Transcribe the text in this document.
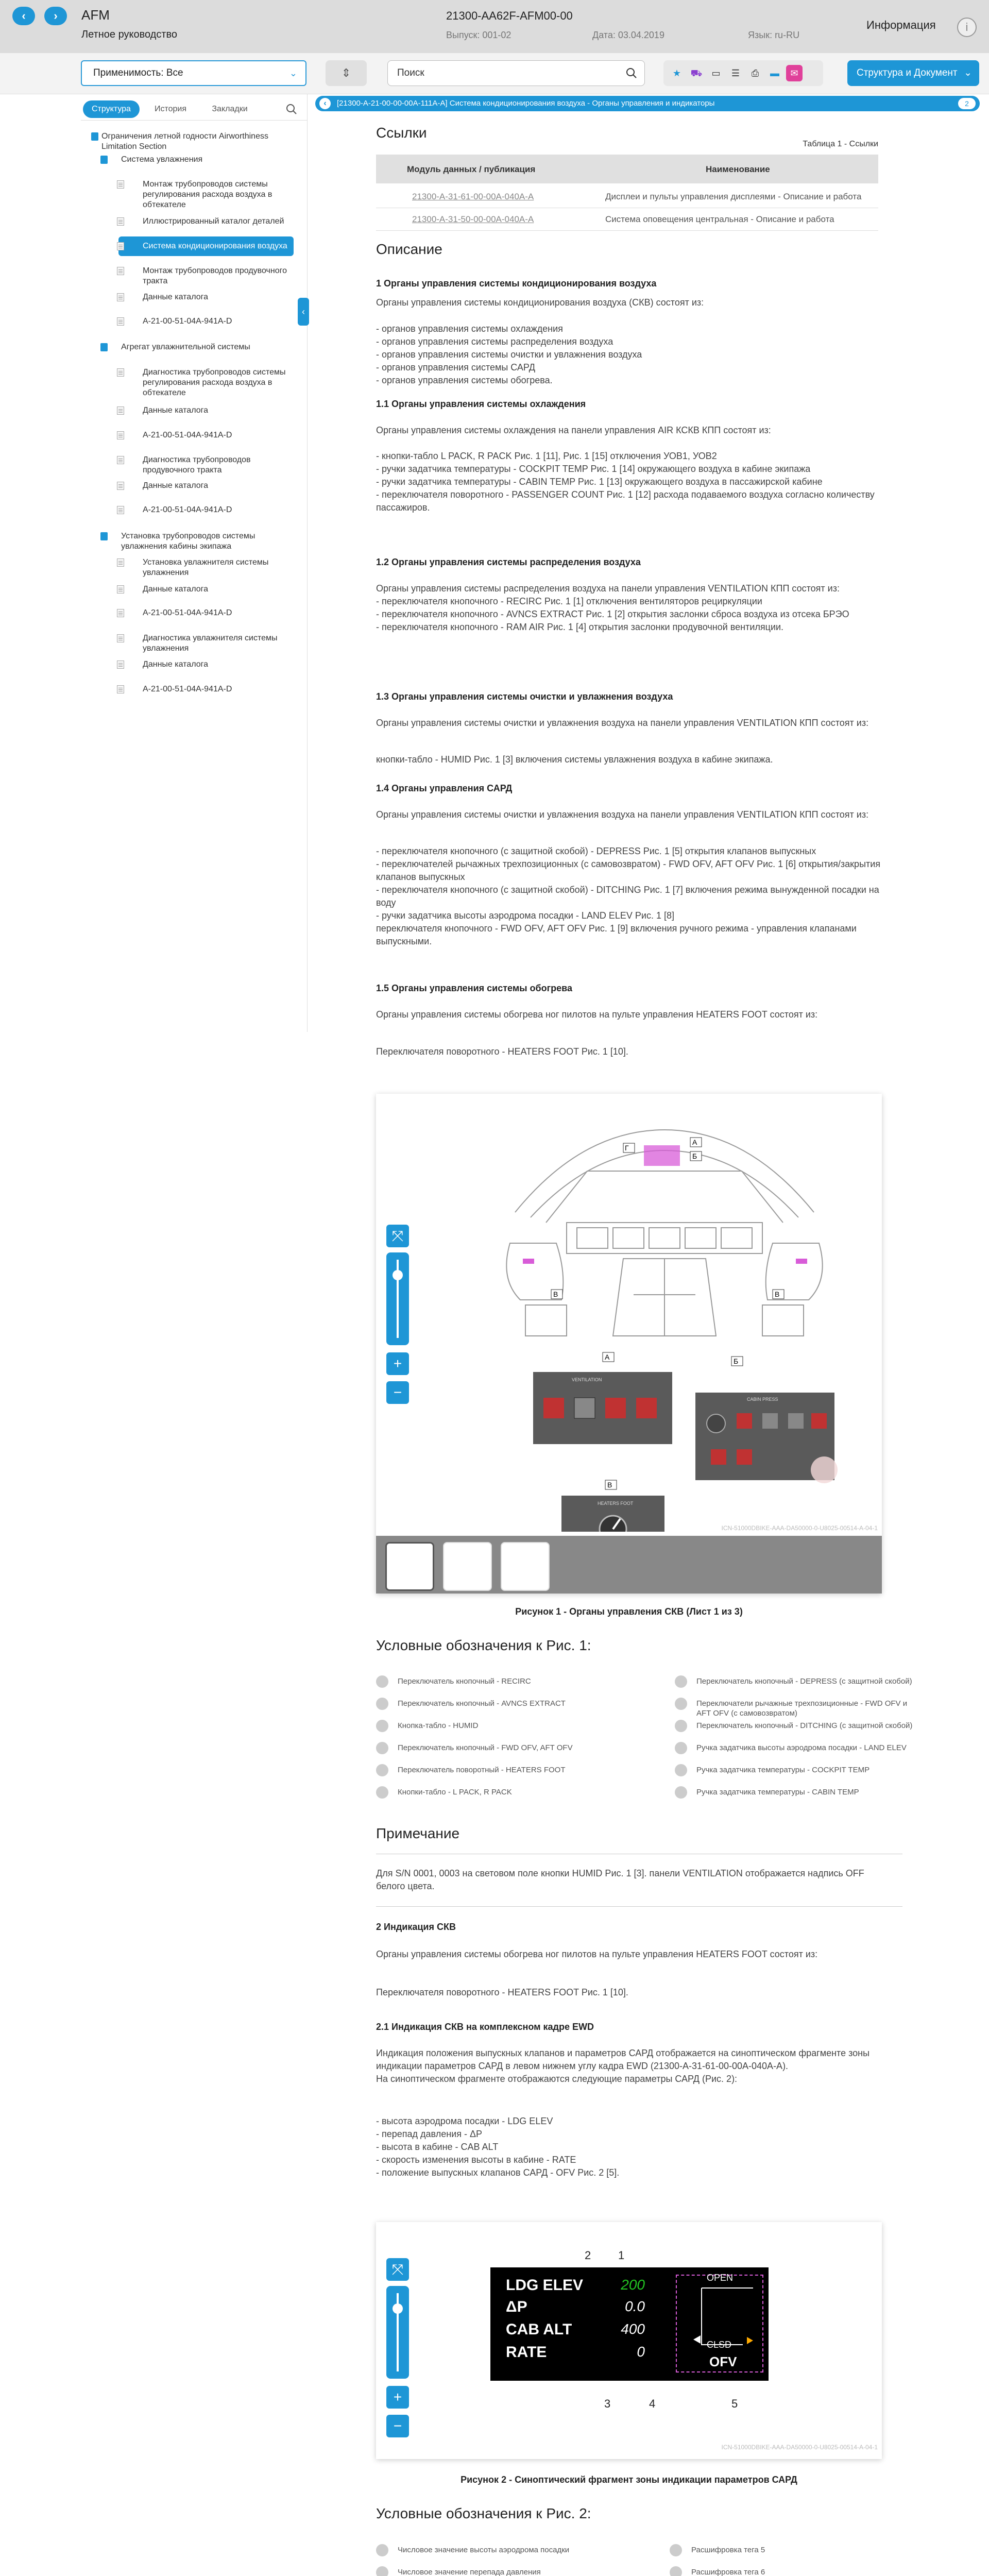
‹	›	AFM
Летное руководство
21300-AA62F-AFM00-00
Выпуск: 001-02	Дата: 03.04.2019	Язык: ru-RU
Информация	i
Применимость: Все	⌄	⇕	Поиск	★	⛟	▭	☰	⎙	▬	✉	Структура и Документ ⌄
Структура	История	Закладки
Ограничения летной годности Airworthiness Limitation Section
Система увлажнения
Монтаж трубопроводов системы регулирования расхода воздуха в обтекателе
Иллюстрированный каталог деталей
Система кондиционирования воздуха
Монтаж трубопроводов продувочного тракта
Данные каталога
A-21-00-51-04A-941A-D
Агрегат увлажнительной системы
Диагностика трубопроводов системы регулирования расхода воздуха в обтекателе
Данные каталога
A-21-00-51-04A-941A-D
Диагностика трубопроводов продувочного тракта
Данные каталога
A-21-00-51-04A-941A-D
Установка трубопроводов системы увлажнения кабины экипажа
Установка увлажнителя системы увлажнения
Данные каталога
A-21-00-51-04A-941A-D
Диагностика увлажнителя системы увлажнения
Данные каталога
A-21-00-51-04A-941A-D
‹
‹	[21300-A-21-00-00-00A-111A-A] Система кондиционирования воздуха - Органы управления и индикаторы	2
Ссылки
Таблица 1 - Ссылки
Модуль данных / публикация	Наименование
21300-A-31-61-00-00A-040A-A	Дисплеи и пульты управления дисплеями - Описание и работа
21300-A-31-50-00-00A-040A-A	Система оповещения центральная - Описание и работа
Описание
1 Органы управления системы кондиционирования воздуха
Органы управления системы кондиционирования воздуха (СКВ) состоят из:
- органов управления системы охлаждения
- органов управления системы распределения воздуха
- органов управления системы очистки и увлажнения воздуха
- органов управления системы САРД
- органов управления системы обогрева.
1.1 Органы управления системы охлаждения
Органы управления системы охлаждения на панели управления AIR КСКВ КПП состоят из:
- кнопки-табло L PACK, R PACK Рис. 1 [11], Рис. 1 [15] отключения УОВ1, УОВ2
- ручки задатчика температуры - COCKPIT TEMP Рис. 1 [14] окружающего воздуха в кабине экипажа
- ручки задатчика температуры - CABIN TEMP Рис. 1 [13] окружающего воздуха в пассажирской кабине
- переключателя поворотного - PASSENGER COUNT Рис. 1 [12] расхода подаваемого воздуха согласно количеству пассажиров.
1.2 Органы управления системы распределения воздуха
Органы управления системы распределения воздуха на панели управления VENTILATION КПП состоят из:
- переключателя кнопочного - RECIRC Рис. 1 [1] отключения вентиляторов рециркуляции
- переключателя кнопочного - AVNCS EXTRACT Рис. 1 [2] открытия заслонки сброса воздуха из отсека БРЭО
- переключателя кнопочного - RAM AIR Рис. 1 [4] открытия заслонки продувочной вентиляции.
1.3 Органы управления системы очистки и увлажнения воздуха
Органы управления системы очистки и увлажнения воздуха на панели управления VENTILATION КПП состоят из:
кнопки-табло - HUMID Рис. 1 [3] включения системы увлажнения воздуха в кабине экипажа.
1.4 Органы управления САРД
Органы управления системы очистки и увлажнения воздуха на панели управления VENTILATION КПП состоят из:
- переключателя кнопочного (с защитной скобой) - DEPRESS Рис. 1 [5] открытия клапанов выпускных
- переключателей рычажных трехпозиционных (с самовозвратом) - FWD OFV, AFT OFV Рис. 1 [6] открытия/закрытия клапанов выпускных
- переключателя кнопочного (с защитной скобой) - DITCHING Рис. 1 [7] включения режима вынужденной посадки на воду
- ручки задатчика высоты аэродрома посадки - LAND ELEV Рис. 1 [8]
переключателя кнопочного - FWD OFV, AFT OFV Рис. 1 [9] включения ручного режима - управления клапанами выпускными.
1.5 Органы управления системы обогрева
Органы управления системы обогрева ног пилотов на пульте управления HEATERS FOOT состоят из:
Переключателя поворотного - HEATERS FOOT Рис. 1 [10].
⤧
+
−
Г
А
Б
В	В
А
VENTILATION
Б
CABIN PRESS
В
HEATERS FOOT
ICN-51000DBIKE-AAA-DA50000-0-U8025-00514-A-04-1
Рисунок 1 - Органы управления СКВ (Лист 1 из 3)
Условные обозначения к Рис. 1:
Переключатель кнопочный - RECIRC
Переключатель кнопочный - AVNCS EXTRACT
Кнопка-табло - HUMID
Переключатель кнопочный - FWD OFV, AFT OFV
Переключатель поворотный - HEATERS FOOT
Кнопки-табло - L PACK, R PACK
Переключатель кнопочный - DEPRESS (с защитной скобой)
Переключатели рычажные трехпозиционные - FWD OFV и AFT OFV (с самовозвратом)
Переключатель кнопочный - DITCHING (с защитной скобой)
Ручка задатчика высоты аэродрома посадки - LAND ELEV
Ручка задатчика температуры - COCKPIT TEMP
Ручка задатчика температуры - CABIN TEMP
Примечание
Для S/N 0001, 0003 на световом поле кнопки HUMID Рис. 1 [3]. панели VENTILATION отображается надпись OFF белого цвета.
2 Индикация СКВ
Органы управления системы обогрева ног пилотов на пульте управления HEATERS FOOT состоят из:
Переключателя поворотного - HEATERS FOOT Рис. 1 [10].
2.1 Индикация СКВ на комплексном кадре EWD
Индикация положения выпускных клапанов и параметров САРД отображается на синоптическом фрагменте зоны индикации параметров САРД в левом нижнем углу кадра EWD (21300-A-31-61-00-00A-040A-A).
На синоптическом фрагменте отображаются следующие параметры САРД (Рис. 2):
- высота аэродрома посадки - LDG ELEV
- перепад давления - ΔP
- высота в кабине - CAB ALT
- скорость изменения высоты в кабине - RATE
- положение выпускных клапанов САРД - OFV Рис. 2 [5].
⤧
+
−
2 1
LDG ELEV
ΔP
CAB ALT
RATE
200
0.0
400
0
OPEN
CLSD
OFV
3	4	5
ICN-51000DBIKE-AAA-DA50000-0-U8025-00514-A-04-1
Рисунок 2 - Синоптический фрагмент зоны индикации параметров САРД
Условные обозначения к Рис. 2:
Числовое значение высоты аэродрома посадки
Числовое значение перепада давления
Расшифровка тега 5
Расшифровка тега 6
